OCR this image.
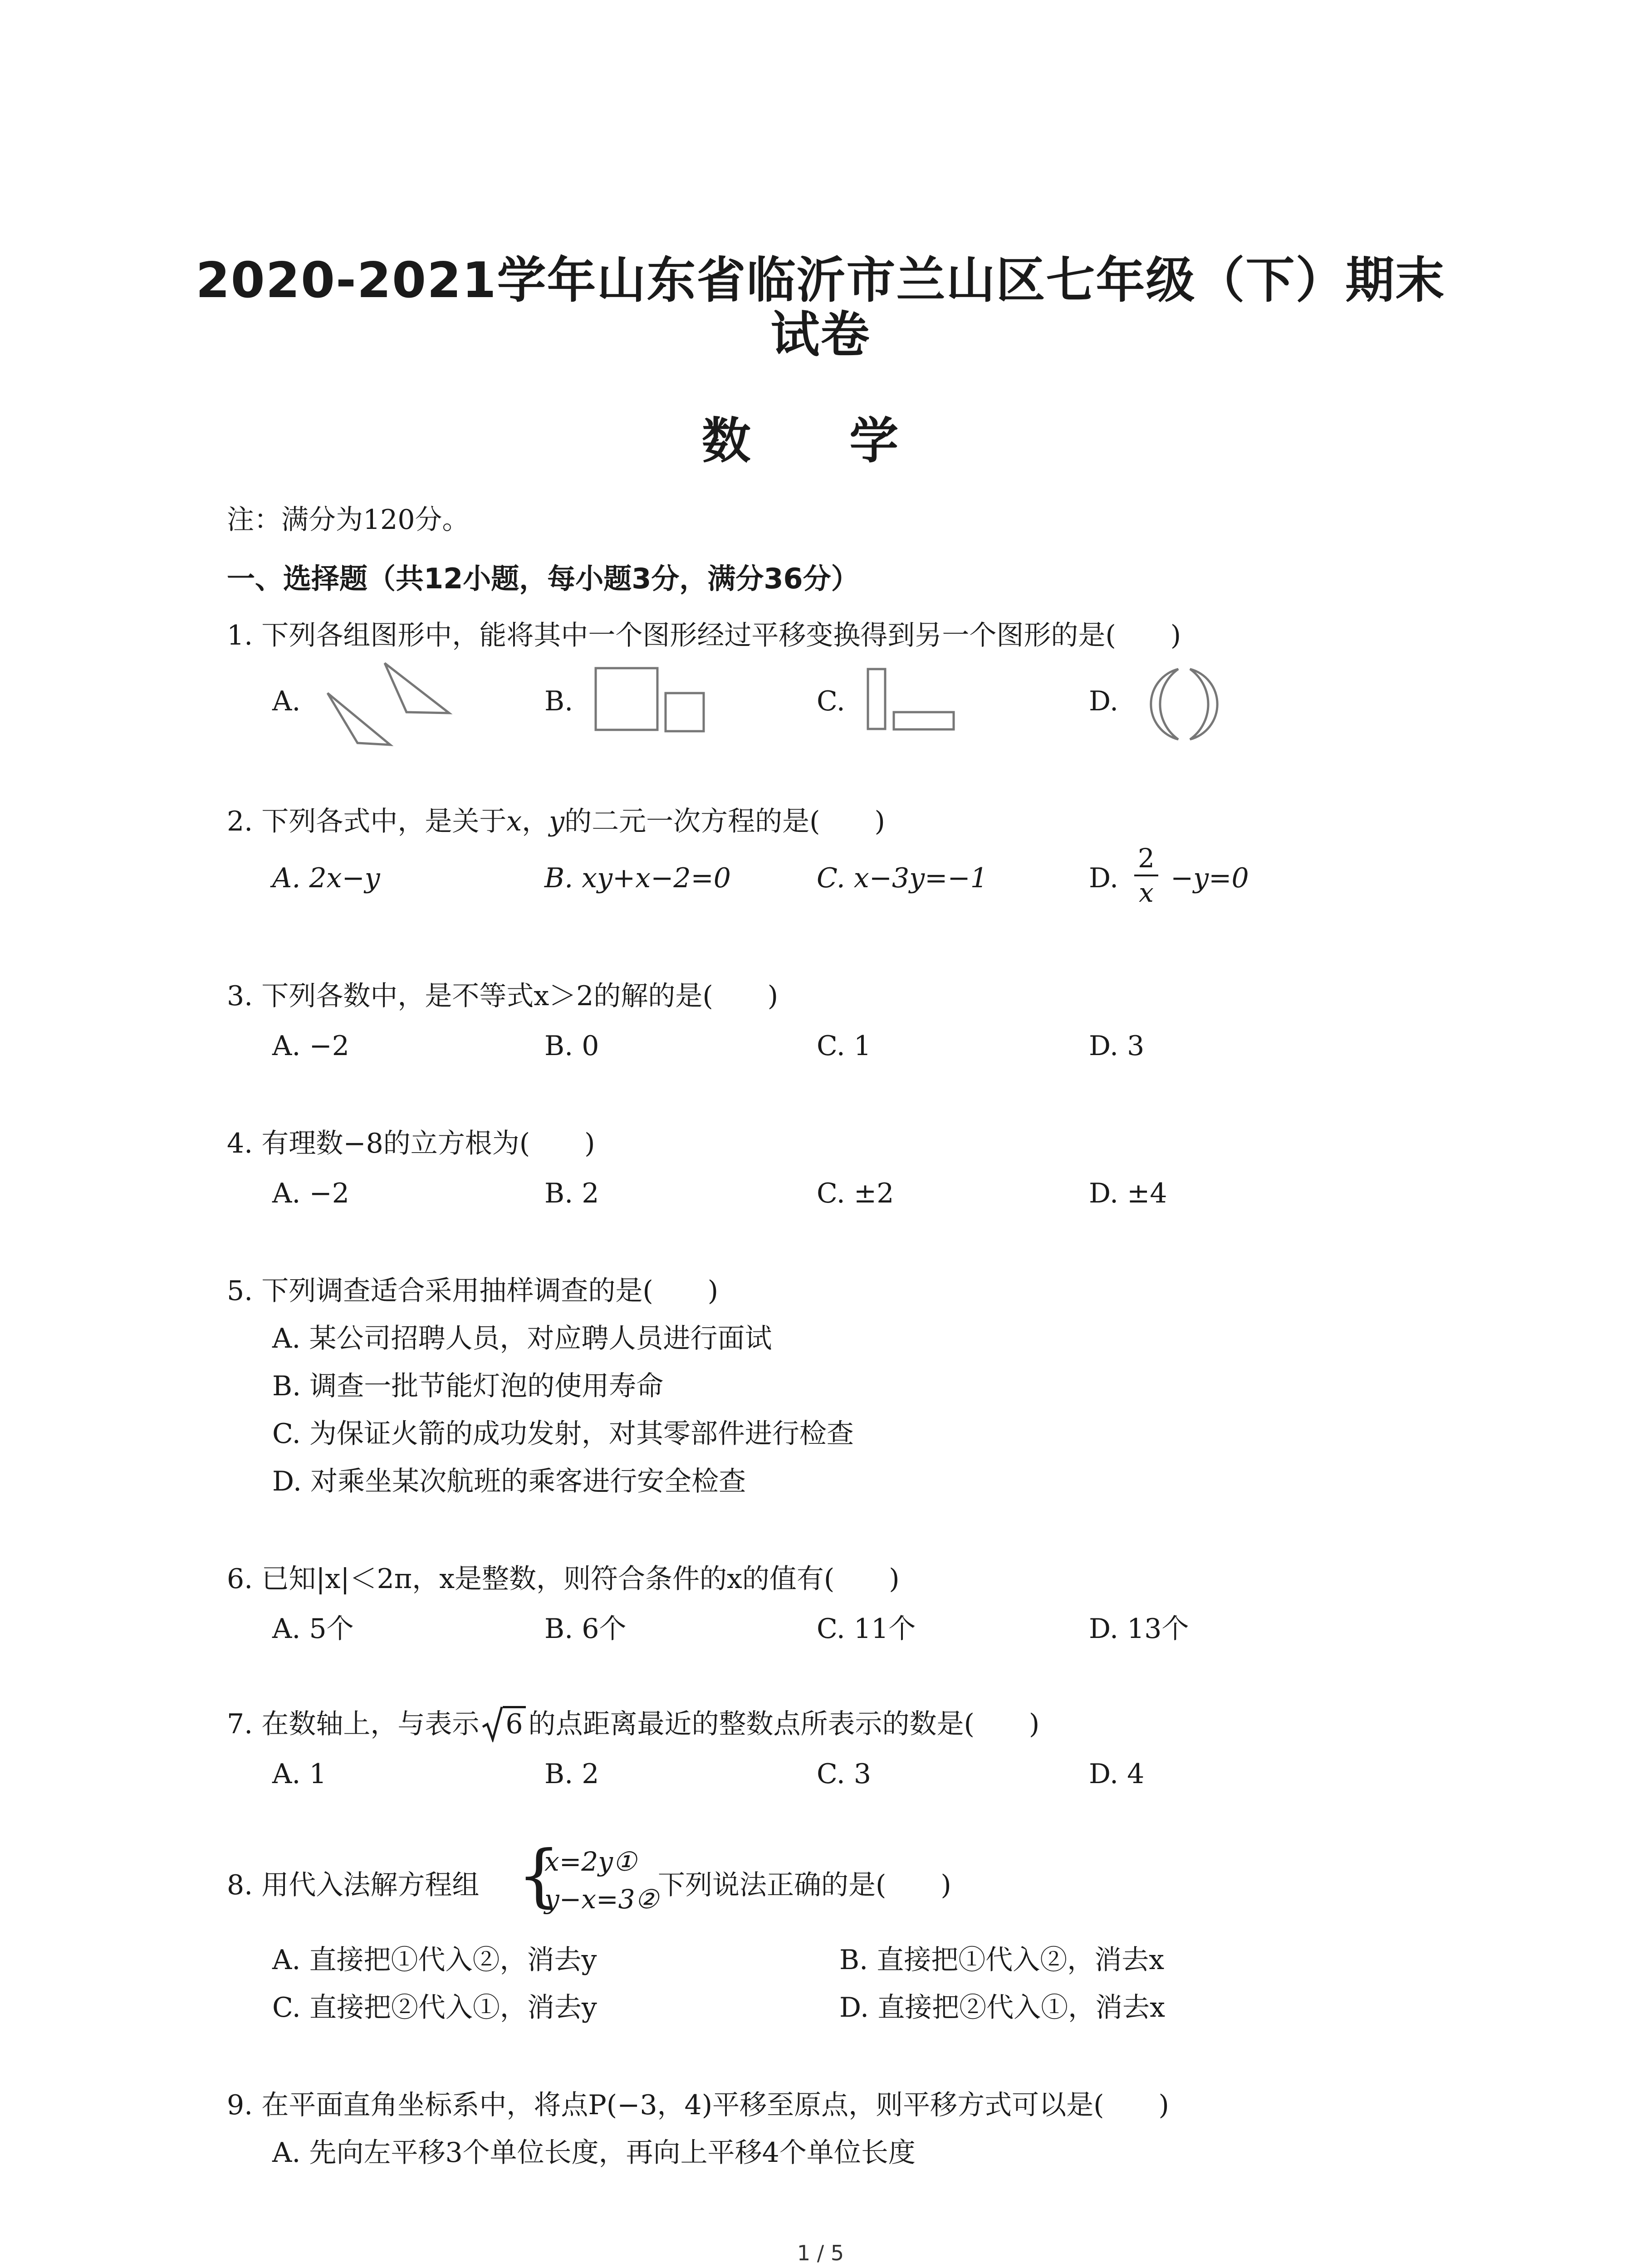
2020-2021学年山东省临沂市兰山区七年级（下）期末
试卷
数 学
注：满分为120分。
一、选择题（共12小题，每小题3分，满分36分）
1. 下列各组图形中，能将其中一个图形经过平移变换得到另一个图形的是(　　)
A.	B.	C.	D.
2. 下列各式中，是关于x，y的二元一次方程的是(　　)
A. 2x−y	B. xy+x−2=0	C. x−3y=−1	D. $\frac{2}{x} -y=0$
3. 下列各数中，是不等式x＞2的解的是(　　)
A. −2	B. 0	C. 1	D. 3
4. 有理数−8的立方根为(　　)
A. −2	B. 2	C. ±2	D. ±4
5. 下列调查适合采用抽样调查的是(　　)
A. 某公司招聘人员，对应聘人员进行面试
B. 调查一批节能灯泡的使用寿命
C. 为保证火箭的成功发射，对其零部件进行检查
D. 对乘坐某次航班的乘客进行安全检查
6. 已知|x|＜2π，x是整数，则符合条件的x的值有(　　)
A. 5个	B. 6个	C. 11个	D. 13个
7. 在数轴上，与表示 6 的点距离最近的整数点所表示的数是(　　)
A. 1	B. 2	C. 3	D. 4
8. 用代入法解方程组 {
x=2y①
y−x=3②
下列说法正确的是(　　)
A. 直接把①代入②，消去y	B. 直接把①代入②，消去x
C. 直接把②代入①，消去y	D. 直接把②代入①，消去x
9. 在平面直角坐标系中，将点P(−3，4)平移至原点，则平移方式可以是(　　)
A. 先向左平移3个单位长度，再向上平移4个单位长度
1 / 5
